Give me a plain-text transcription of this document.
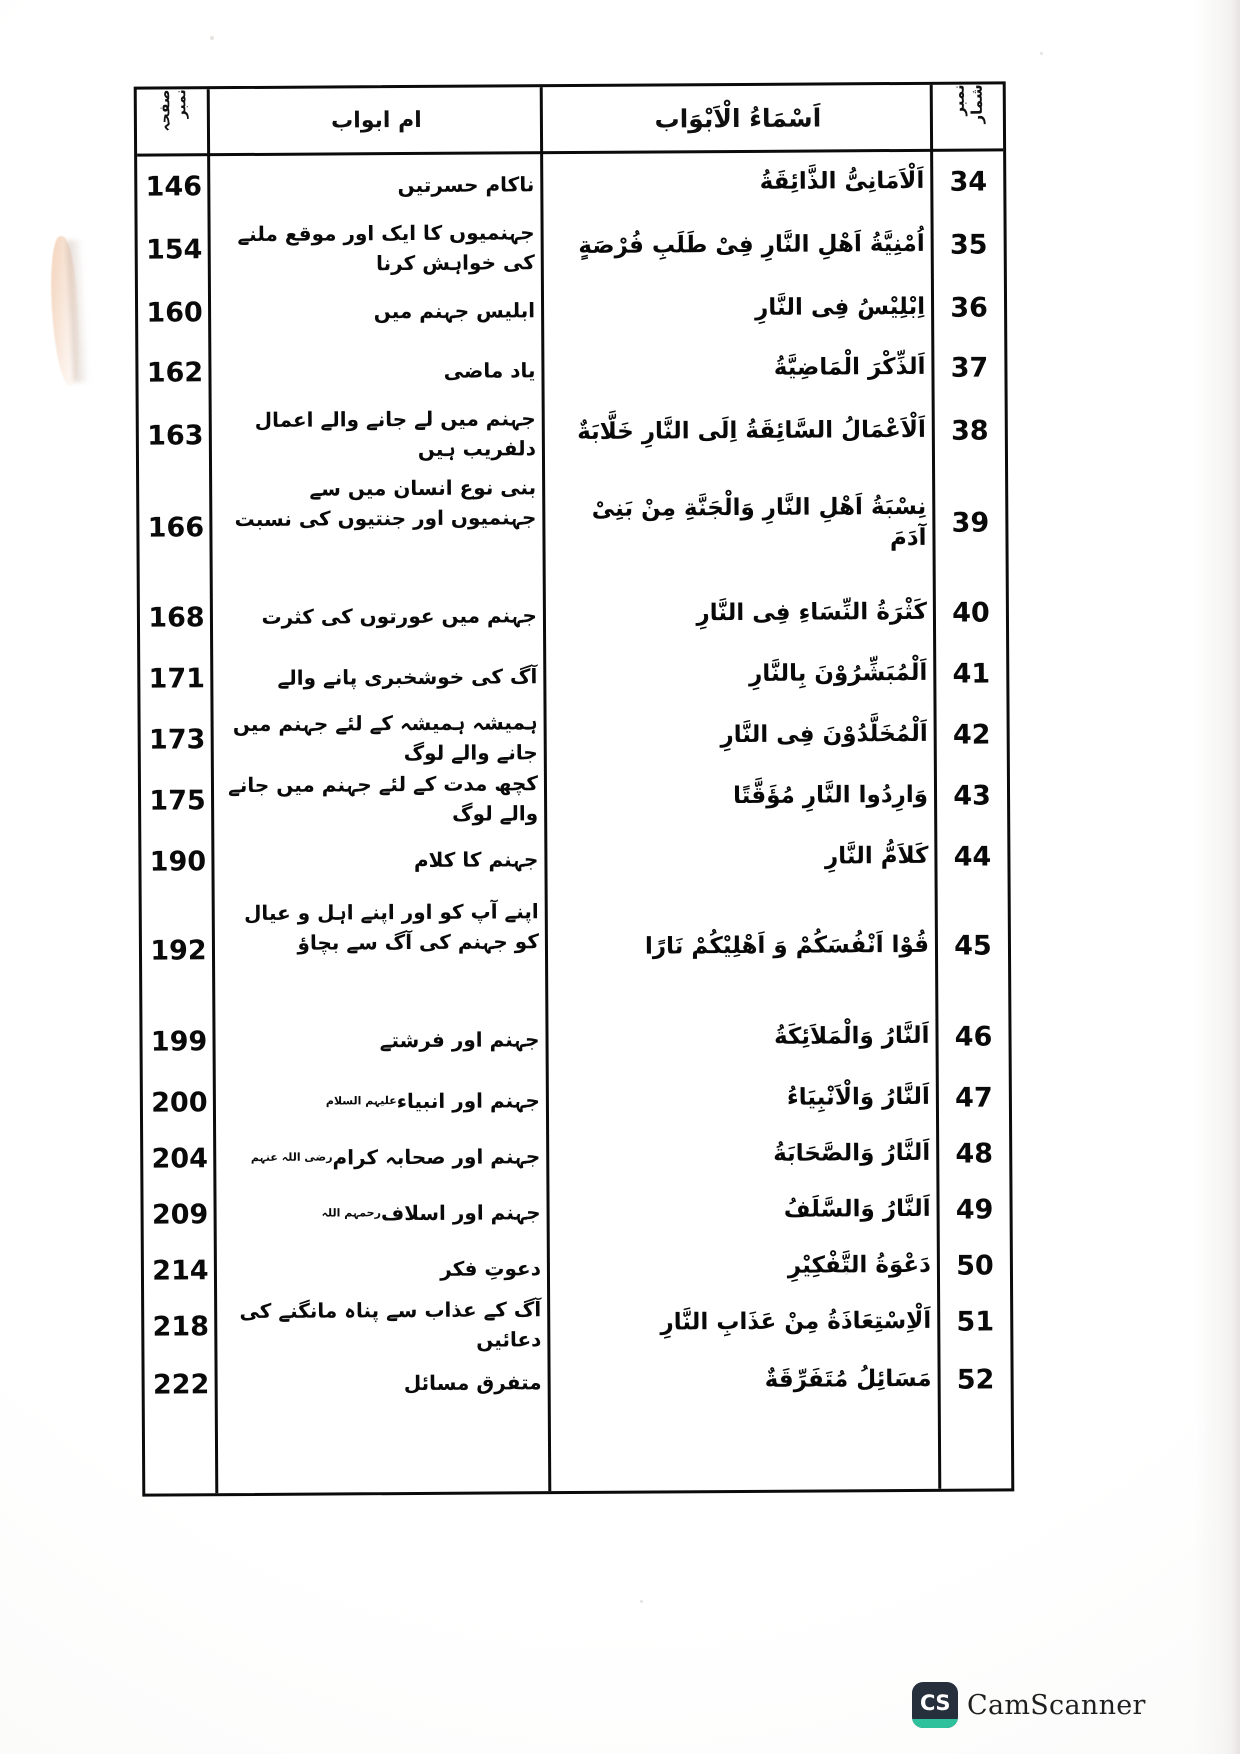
نمبر شمار
اَسْمَاءُ الْاَبْوَاب
ام ابواب
صفحہ نمبر
34
اَلْاَمَانِىُّ الذَّائِقَةُ
ناکام حسرتیں
146
35
اُمْنِيَّةُ اَهْلِ النَّارِ فِىْ طَلَبِ فُرْصَةٍ
جہنمیوں کا ایک اور موقع ملنے کی خواہش کرنا
154
36
اِبْلِيْسُ فِى النَّارِ
ابلیس جہنم میں
160
37
اَلذِّكْرَ الْمَاضِيَّةُ
یاد ماضی
162
38
اَلْاَعْمَالُ السَّائِقَةُ اِلَى النَّارِ خَلَّابَةٌ
جہنم میں لے جانے والے اعمال دلفریب ہیں
163
39
نِسْبَةُ اَهْلِ النَّارِ وَالْجَنَّةِ مِنْ بَنِىْ آدَمَ
بنی نوع انسان میں سے جہنمیوں اور جنتیوں کی نسبت
166
40
كَثْرَةُ النِّسَاءِ فِى النَّارِ
جہنم میں عورتوں کی کثرت
168
41
اَلْمُبَشِّرُوْنَ بِالنَّارِ
آگ کی خوشخبری پانے والے
171
42
اَلْمُخَلَّدُوْنَ فِى النَّارِ
ہمیشہ ہمیشہ کے لئے جہنم میں جانے والے لوگ
173
43
وَارِدُوا النَّارِ مُؤَقَّتًا
کچھ مدت کے لئے جہنم میں جانے والے لوگ
175
44
كَلاَمُّ النَّارِ
جہنم کا کلام
190
45
قُوْا اَنْفُسَكُمْ وَ اَهْلِيْكُمْ نَارًا
اپنے آپ کو اور اپنے اہل و عیال کو جہنم کی آگ سے بچاؤ
192
46
اَلنَّارُ وَالْمَلاَئِكَةُ
جہنم اور فرشتے
199
47
اَلنَّارُ وَالْاَنْبِيَاءُ
جہنم اور انبیاء
علیہم السلام
200
48
اَلنَّارُ وَالصَّحَابَةُ
جہنم اور صحابہ کرام
رضی اللہ عنہم
204
49
اَلنَّارُ وَالسَّلَفُ
جہنم اور اسلاف
رحمہم اللہ
209
50
دَعْوَةُ التَّفْكِيْرِ
دعوتِ فکر
214
51
اَلْاِسْتِعَاذَةُ مِنْ عَذَابِ النَّارِ
آگ کے عذاب سے پناہ مانگنے کی دعائیں
218
52
مَسَائِلُ مُتَفَرِّقَةٌ
متفرق مسائل
222
CS CamScanner
